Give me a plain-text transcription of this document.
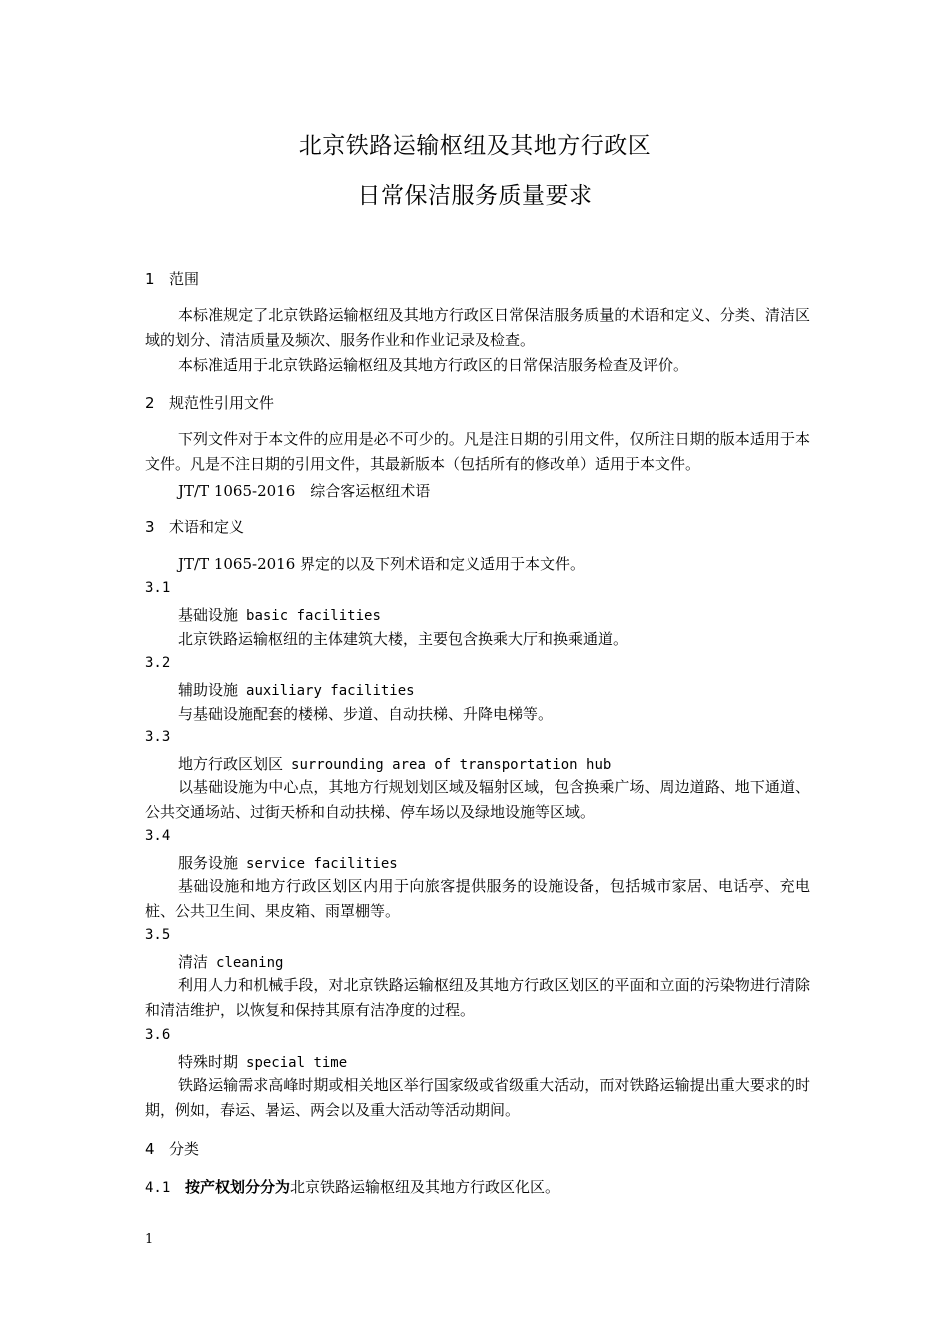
北京铁路运输枢纽及其地方行政区
日常保洁服务质量要求
1 范围
本标准规定了北京铁路运输枢纽及其地方行政区日常保洁服务质量的术语和定义、分类、清洁区域的划分、清洁质量及频次、服务作业和作业记录及检查。
本标准适用于北京铁路运输枢纽及其地方行政区的日常保洁服务检查及评价。
2 规范性引用文件
下列文件对于本文件的应用是必不可少的。凡是注日期的引用文件，仅所注日期的版本适用于本文件。凡是不注日期的引用文件，其最新版本（包括所有的修改单）适用于本文件。
JT/T 1065-2016　综合客运枢纽术语
3 术语和定义
JT/T 1065-2016 界定的以及下列术语和定义适用于本文件。
3.1
基础设施 basic facilities
北京铁路运输枢纽的主体建筑大楼，主要包含换乘大厅和换乘通道。
3.2
辅助设施 auxiliary facilities
与基础设施配套的楼梯、步道、自动扶梯、升降电梯等。
3.3
地方行政区划区 surrounding area of transportation hub
以基础设施为中心点，其地方行规划划区域及辐射区域，包含换乘广场、周边道路、地下通道、公共交通场站、过街天桥和自动扶梯、停车场以及绿地设施等区域。
3.4
服务设施 service facilities
基础设施和地方行政区划区内用于向旅客提供服务的设施设备，包括城市家居、电话亭、充电桩、公共卫生间、果皮箱、雨罩棚等。
3.5
清洁 cleaning
利用人力和机械手段，对北京铁路运输枢纽及其地方行政区划区的平面和立面的污染物进行清除和清洁维护，以恢复和保持其原有洁净度的过程。
3.6
特殊时期 special time
铁路运输需求高峰时期或相关地区举行国家级或省级重大活动，而对铁路运输提出重大要求的时期，例如，春运、暑运、两会以及重大活动等活动期间。
4 分类
4.1 按产权划分分为北京铁路运输枢纽及其地方行政区化区。
1
